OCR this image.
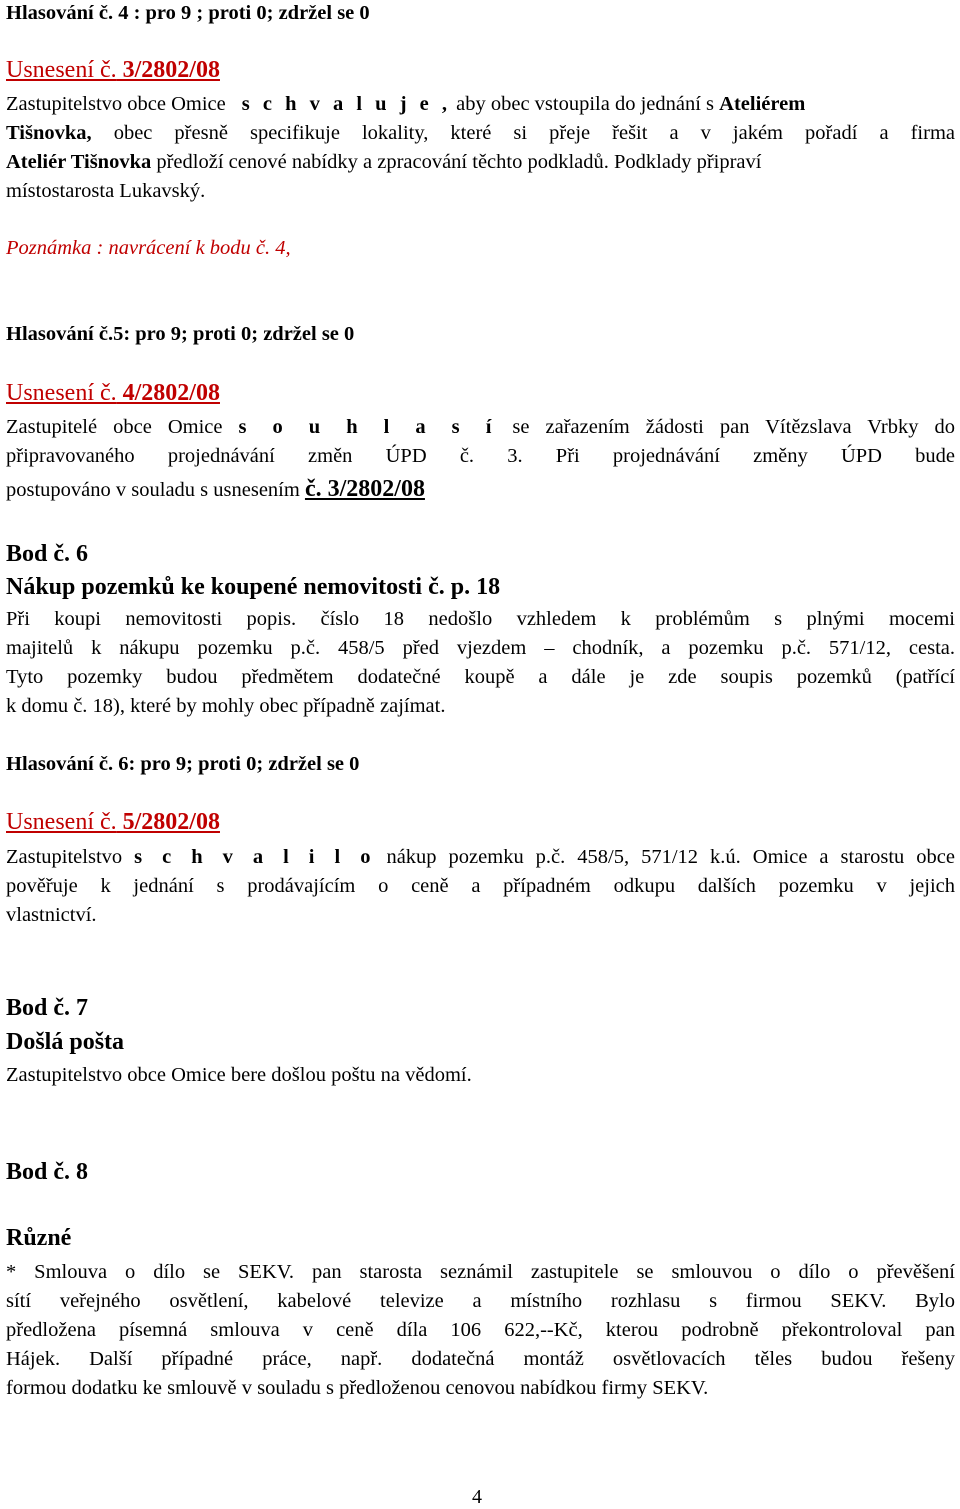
Hlasování č. 4 : pro 9 ; proti 0; zdržel se 0
Usnesení č. 3/2802/08
Zastupitelstvo obce Omice s c h v a l u j e , aby obec vstoupila do jednání s Ateliérem
Tišnovka, obec přesně specifikuje lokality, které si přeje řešit a v jakém pořadí a firma
Ateliér Tišnovka předloží cenové nabídky a zpracování těchto podkladů. Podklady připraví
místostarosta Lukavský.
Poznámka : navrácení k bodu č. 4,
Hlasování č.5: pro 9; proti 0; zdržel se 0
Usnesení č. 4/2802/08
Zastupitelé obce Omice s o u h l a s í se zařazením žádosti pan Vítězslava Vrbky do
připravovaného projednávání změn ÚPD č. 3. Při projednávání změny ÚPD bude
postupováno v souladu s usnesením č. 3/2802/08
Bod č. 6
Nákup pozemků ke koupené nemovitosti č. p. 18
Při koupi nemovitosti popis. číslo 18 nedošlo vzhledem k problémům s plnými mocemi
majitelů k nákupu pozemku p.č. 458/5 před vjezdem – chodník, a pozemku p.č. 571/12, cesta.
Tyto pozemky budou předmětem dodatečné koupě a dále je zde soupis pozemků (patřící
k domu č. 18), které by mohly obec případně zajímat.
Hlasování č. 6: pro 9; proti 0; zdržel se 0
Usnesení č. 5/2802/08
Zastupitelstvo s c h v a l i l o nákup pozemku p.č. 458/5, 571/12 k.ú. Omice a starostu obce
pověřuje k jednání s prodávajícím o ceně a případném odkupu dalších pozemku v jejich
vlastnictví.
Bod č. 7
Došlá pošta
Zastupitelstvo obce Omice bere došlou poštu na vědomí.
Bod č. 8
Různé
* Smlouva o dílo se SEKV. pan starosta seznámil zastupitele se smlouvou o dílo o převěšení
sítí veřejného osvětlení, kabelové televize a místního rozhlasu s firmou SEKV. Bylo
předložena písemná smlouva v ceně díla 106 622,--Kč, kterou podrobně překontroloval pan
Hájek. Další případné práce, např. dodatečná montáž osvětlovacích těles budou řešeny
formou dodatku ke smlouvě v souladu s předloženou cenovou nabídkou firmy SEKV.
4
